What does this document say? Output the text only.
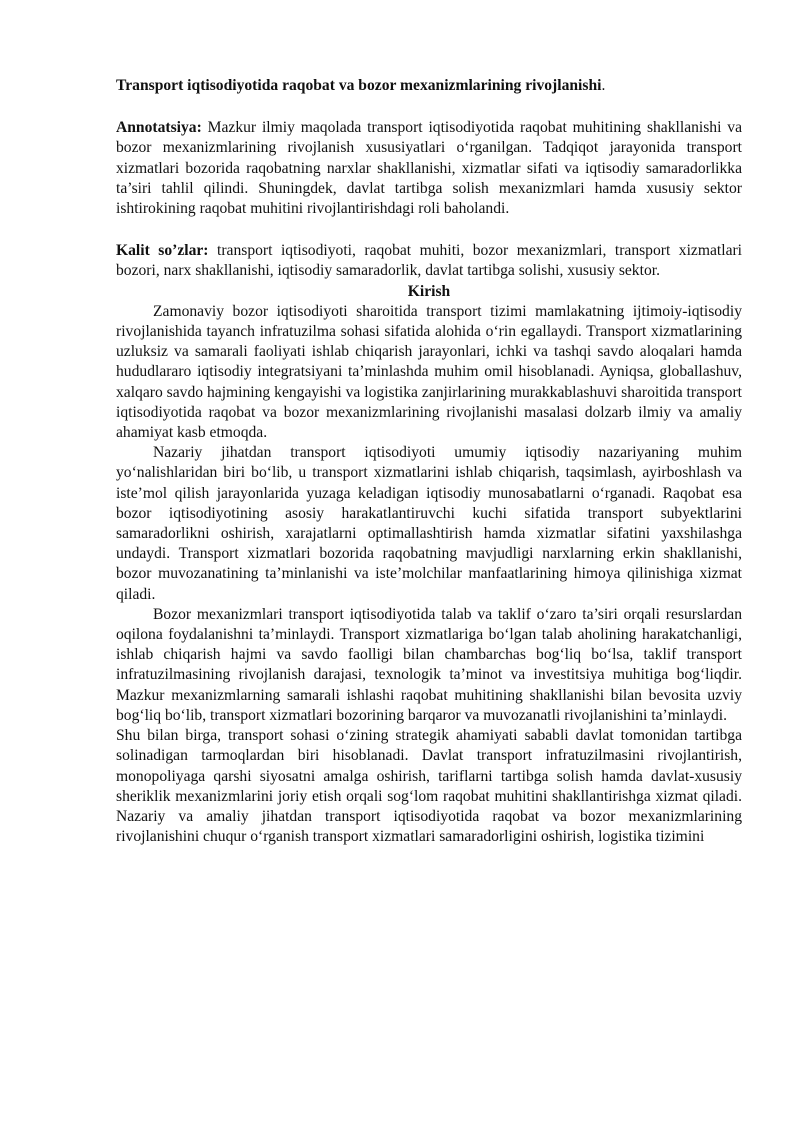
Transport iqtisodiyotida raqobat va bozor mexanizmlarining rivojlanishi.

Annotatsiya: Mazkur ilmiy maqolada transport iqtisodiyotida raqobat muhitining shakllanishi va bozor mexanizmlarining rivojlanish xususiyatlari o‘rganilgan. Tadqiqot jarayonida transport xizmatlari bozorida raqobatning narxlar shakllanishi, xizmatlar sifati va iqtisodiy samaradorlikka ta’siri tahlil qilindi. Shuningdek, davlat tartibga solish mexanizmlari hamda xususiy sektor ishtirokining raqobat muhitini rivojlantirishdagi roli baholandi.

Kalit so’zlar: transport iqtisodiyoti, raqobat muhiti, bozor mexanizmlari, transport xizmatlari bozori, narx shakllanishi, iqtisodiy samaradorlik, davlat tartibga solishi, xususiy sektor.

Kirish

Zamonaviy bozor iqtisodiyoti sharoitida transport tizimi mamlakatning ijtimoiy-iqtisodiy rivojlanishida tayanch infratuzilma sohasi sifatida alohida o‘rin egallaydi. Transport xizmatlarining uzluksiz va samarali faoliyati ishlab chiqarish jarayonlari, ichki va tashqi savdo aloqalari hamda hududlararo iqtisodiy integratsiyani ta’minlashda muhim omil hisoblanadi. Ayniqsa, globallashuv, xalqaro savdo hajmining kengayishi va logistika zanjirlarining murakkablashuvi sharoitida transport iqtisodiyotida raqobat va bozor mexanizmlarining rivojlanishi masalasi dolzarb ilmiy va amaliy ahamiyat kasb etmoqda.

Nazariy jihatdan transport iqtisodiyoti umumiy iqtisodiy nazariyaning muhim yo‘nalishlaridan biri bo‘lib, u transport xizmatlarini ishlab chiqarish, taqsimlash, ayirboshlash va iste’mol qilish jarayonlarida yuzaga keladigan iqtisodiy munosabatlarni o‘rganadi. Raqobat esa bozor iqtisodiyotining asosiy harakatlantiruvchi kuchi sifatida transport subyektlarini samaradorlikni oshirish, xarajatlarni optimallashtirish hamda xizmatlar sifatini yaxshilashga undaydi. Transport xizmatlari bozorida raqobatning mavjudligi narxlarning erkin shakllanishi, bozor muvozanatining ta’minlanishi va iste’molchilar manfaatlarining himoya qilinishiga xizmat qiladi.

Bozor mexanizmlari transport iqtisodiyotida talab va taklif o‘zaro ta’siri orqali resurslardan oqilona foydalanishni ta’minlaydi. Transport xizmatlariga bo‘lgan talab aholining harakatchanligi, ishlab chiqarish hajmi va savdo faolligi bilan chambarchas bog‘liq bo‘lsa, taklif transport infratuzilmasining rivojlanish darajasi, texnologik ta’minot va investitsiya muhitiga bog‘liqdir. Mazkur mexanizmlarning samarali ishlashi raqobat muhitining shakllanishi bilan bevosita uzviy bog‘liq bo‘lib, transport xizmatlari bozorining barqaror va muvozanatli rivojlanishini ta’minlaydi.

Shu bilan birga, transport sohasi o‘zining strategik ahamiyati sababli davlat tomonidan tartibga solinadigan tarmoqlardan biri hisoblanadi. Davlat transport infratuzilmasini rivojlantirish, monopoliyaga qarshi siyosatni amalga oshirish, tariflarni tartibga solish hamda davlat-xususiy sheriklik mexanizmlarini joriy etish orqali sog‘lom raqobat muhitini shakllantirishga xizmat qiladi. Nazariy va amaliy jihatdan transport iqtisodiyotida raqobat va bozor mexanizmlarining rivojlanishini chuqur o‘rganish transport xizmatlari samaradorligini oshirish, logistika tizimini
